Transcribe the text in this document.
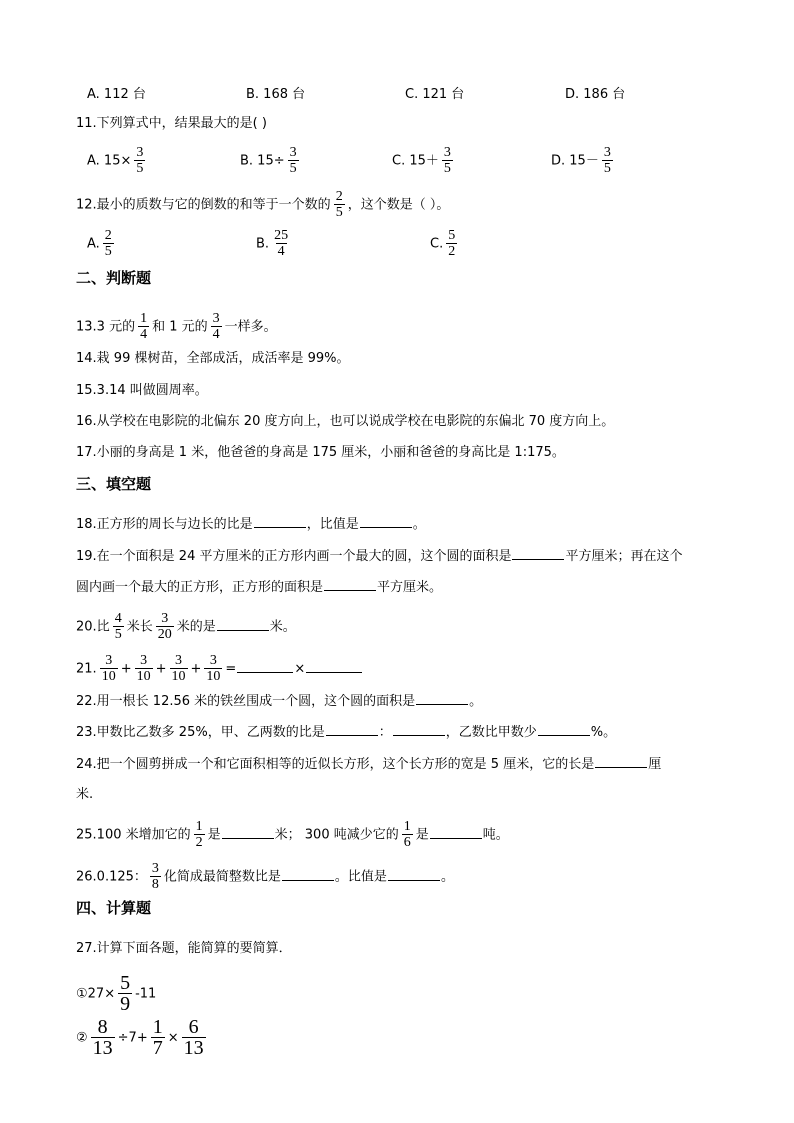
A. 112 台	B. 168 台	C. 121 台	D. 186 台
11.下列算式中，结果最大的是( )
A. $15\times \frac{3}{5}$	B. $15\div \frac{3}{5}$	C. $15+ \frac{3}{5}$	D. $15- \frac{3}{5}$
12.最小的质数与它的倒数的和等于一个数的 $\frac{2}{5}$ ，这个数是（ ）。
A. $\frac{2}{5}$	B. $\frac{25}{4}$	C. $\frac{5}{2}$
二、判断题
13.3 元的 $\frac{1}{4}$ 和 1 元的 $\frac{3}{4}$ 一样多。
14.栽 99 棵树苗，全部成活，成活率是 99%。
15.3.14 叫做圆周率。
16.从学校在电影院的北偏东 20 度方向上，也可以说成学校在电影院的东偏北 70 度方向上。
17.小丽的身高是 1 米，他爸爸的身高是 175 厘米，小丽和爸爸的身高比是 1:175。
三、填空题
18.正方形的周长与边长的比是	，比值是	。
19.在一个面积是 24 平方厘米的正方形内画一个最大的圆，这个圆的面积是	平方厘米；再在这个
圆内画一个最大的正方形，正方形的面积是	平方厘米。
20.比 $\frac{4}{5}$ 米长 $\frac{3}{20}$ 米的是	米。
21. $\frac{3}{10} + \frac{3}{10} + \frac{3}{10} + \frac{3}{10}$ =	×
22.用一根长 12.56 米的铁丝围成一个圆，这个圆的面积是	。
23.甲数比乙数多 25%，甲、乙两数的比是	：	，乙数比甲数少	%。
24.把一个圆剪拼成一个和它面积相等的近似长方形，这个长方形的宽是 5 厘米，它的长是	厘
米.
25.100 米增加它的 $\frac{1}{2}$ 是	米； 300 吨减少它的 $\frac{1}{6}$ 是	吨。
26.0.125： $\frac{3}{8}$ 化简成最简整数比是	。比值是	。
四、计算题
27.计算下面各题，能简算的要简算．
①27× $\frac{5}{9} -11$
② $\frac{8}{13} \div 7+ \frac{1}{7} \times \frac{6}{13}$
